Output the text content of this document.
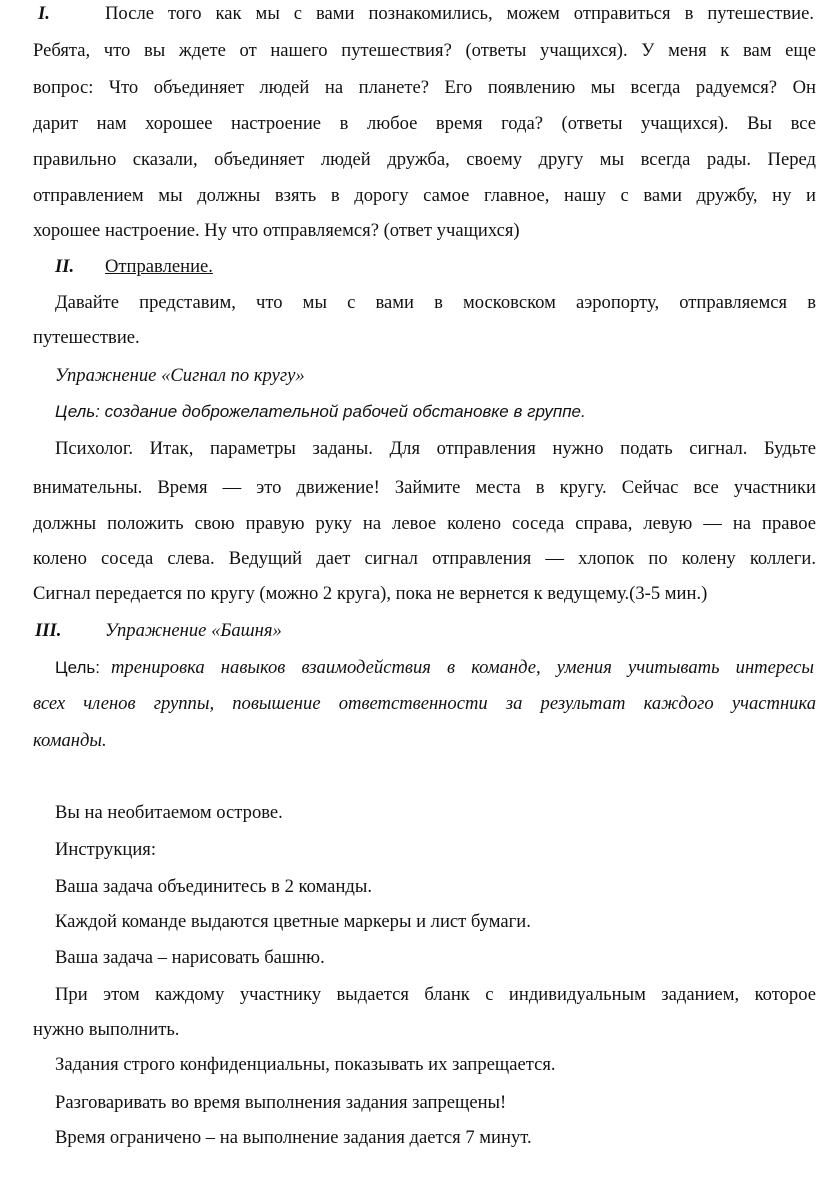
I.	После того как мы с вами познакомились, можем отправиться в путешествие.
Ребята, что вы ждете от нашего путешествия? (ответы учащихся). У меня к вам еще
вопрос: Что объединяет людей на планете? Его появлению мы всегда радуемся? Он
дарит нам хорошее настроение в любое время года? (ответы учащихся). Вы все
правильно сказали, объединяет людей дружба, своему другу мы всегда рады. Перед
отправлением мы должны взять в дорогу самое главное, нашу с вами дружбу, ну и
хорошее настроение. Ну что отправляемся? (ответ учащихся)
II. Отправление.
Давайте представим, что мы с вами в московском аэропорту, отправляемся в
путешествие.
Упражнение «Сигнал по кругу»
Цель: создание доброжелательной рабочей обстановке в группе.
Психолог. Итак, параметры заданы. Для отправления нужно подать сигнал. Будьте
внимательны. Время — это движение! Займите места в кругу. Сейчас все участники
должны положить свою правую руку на левое колено соседа справа, левую — на правое
колено соседа слева. Ведущий дает сигнал отправления — хлопок по колену коллеги.
Сигнал передается по кругу (можно 2 круга), пока не вернется к ведущему.(3-5 мин.)
III. Упражнение «Башня»
Цель: тренировка навыков взаимодействия в команде, умения учитывать интересы
всех членов группы, повышение ответственности за результат каждого участника
команды.
Вы на необитаемом острове.
Инструкция:
Ваша задача объединитесь в 2 команды.
Каждой команде выдаются цветные маркеры и лист бумаги.
Ваша задача – нарисовать башню.
При этом каждому участнику выдается бланк с индивидуальным заданием, которое
нужно выполнить.
Задания строго конфиденциальны, показывать их запрещается.
Разговаривать во время выполнения задания запрещены!
Время ограничено – на выполнение задания дается 7 минут.
